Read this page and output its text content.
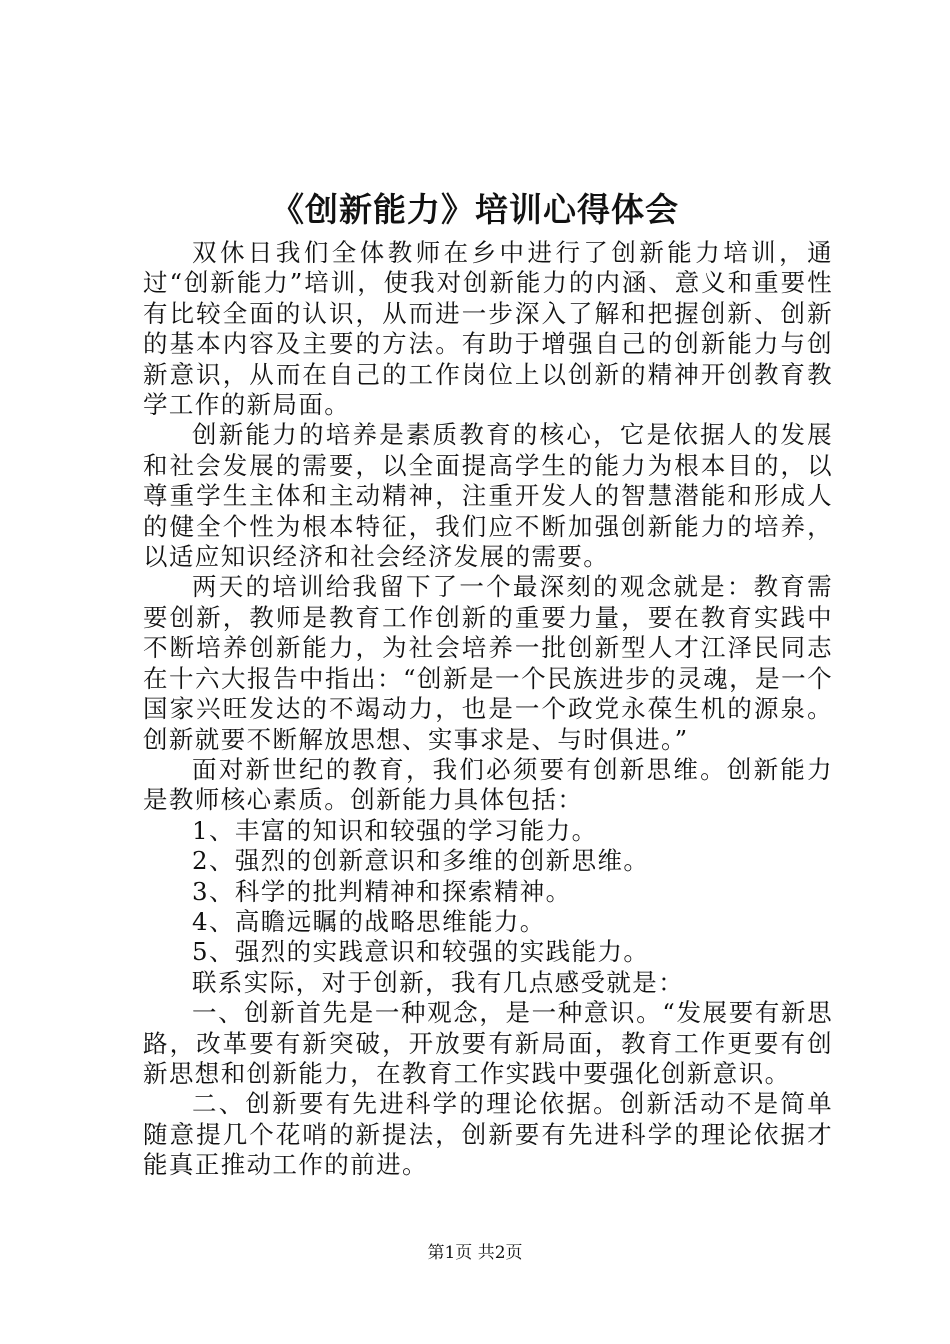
《创新能力》培训心得体会

双休日我们全体教师在乡中进行了创新能力培训，通过“创新能力”培训，使我对创新能力的内涵、意义和重要性有比较全面的认识，从而进一步深入了解和把握创新、创新的基本内容及主要的方法。有助于增强自己的创新能力与创新意识，从而在自己的工作岗位上以创新的精神开创教育教学工作的新局面。

创新能力的培养是素质教育的核心，它是依据人的发展和社会发展的需要，以全面提高学生的能力为根本目的，以尊重学生主体和主动精神，注重开发人的智慧潜能和形成人的健全个性为根本特征，我们应不断加强创新能力的培养，以适应知识经济和社会经济发展的需要。

两天的培训给我留下了一个最深刻的观念就是：教育需要创新，教师是教育工作创新的重要力量，要在教育实践中不断培养创新能力，为社会培养一批创新型人才江泽民同志在十六大报告中指出：“创新是一个民族进步的灵魂，是一个国家兴旺发达的不竭动力，也是一个政党永葆生机的源泉。创新就要不断解放思想、实事求是、与时俱进。”

面对新世纪的教育，我们必须要有创新思维。创新能力是教师核心素质。创新能力具体包括：

1、丰富的知识和较强的学习能力。

2、强烈的创新意识和多维的创新思维。

3、科学的批判精神和探索精神。

4、高瞻远瞩的战略思维能力。

5、强烈的实践意识和较强的实践能力。

联系实际，对于创新，我有几点感受就是：

一、创新首先是一种观念，是一种意识。“发展要有新思路，改革要有新突破，开放要有新局面，教育工作更要有创新思想和创新能力，在教育工作实践中要强化创新意识。

二、创新要有先进科学的理论依据。创新活动不是简单随意提几个花哨的新提法，创新要有先进科学的理论依据才能真正推动工作的前进。

第1页 共2页
